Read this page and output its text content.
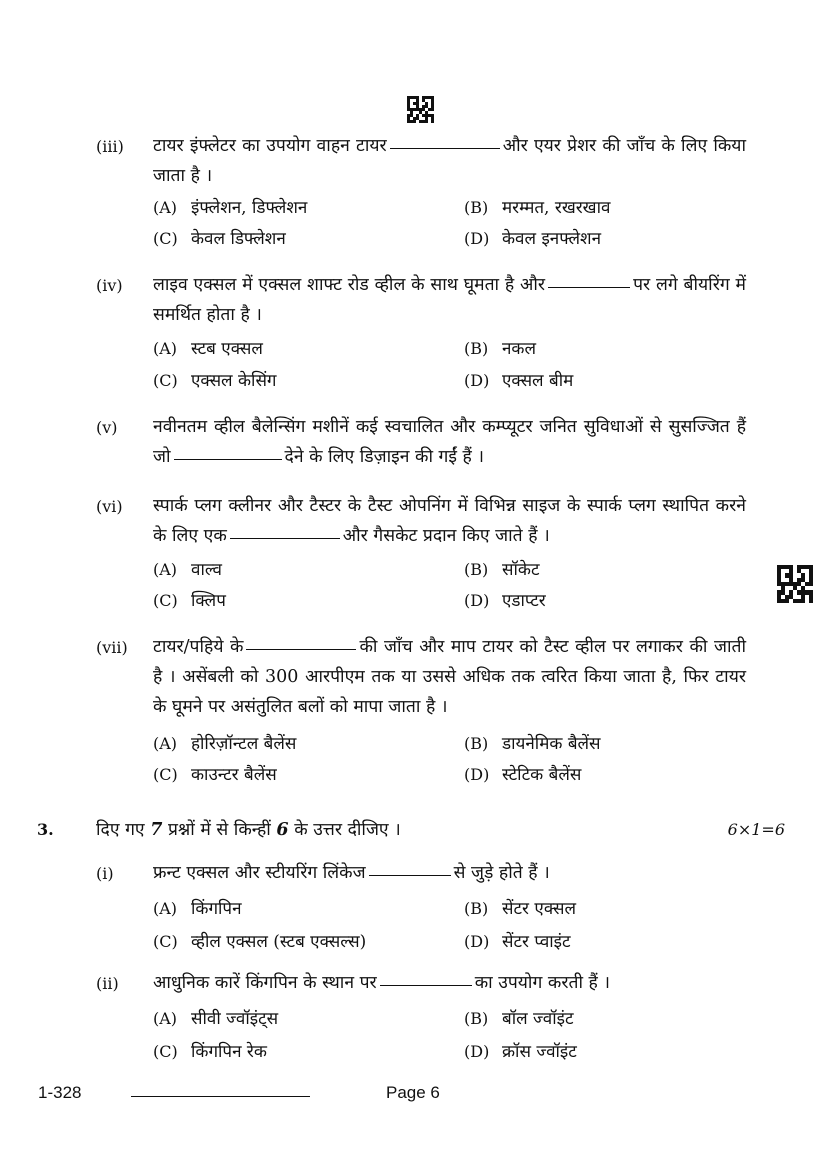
(iii) टायर इंफ्लेटर का उपयोग वाहन टायर	और एयर प्रेशर की जाँच के लिए किया जाता है ।
(A) इंफ्लेशन, डिफ्लेशन	(B) मरम्मत, रखरखाव
(C) केवल डिफ्लेशन	(D) केवल इनफ्लेशन
(iv) लाइव एक्सल में एक्सल शाफ्ट रोड व्हील के साथ घूमता है और	पर लगे बीयरिंग में समर्थित होता है ।
(A) स्टब एक्सल	(B) नकल
(C) एक्सल केसिंग	(D) एक्सल बीम
(v) नवीनतम व्हील बैलेन्सिंग मशीनें कई स्वचालित और कम्प्यूटर जनित सुविधाओं से सुसज्जित हैं जो	देने के लिए डिज़ाइन की गईं हैं ।
(vi) स्पार्क प्लग क्लीनर और टैस्टर के टैस्ट ओपनिंग में विभिन्न साइज के स्पार्क प्लग स्थापित करने के लिए एक	और गैसकेट प्रदान किए जाते हैं ।
(A) वाल्व	(B) सॉकेट
(C) क्लिप	(D) एडाप्टर
(vii) टायर/पहिये के	की जाँच और माप टायर को टैस्ट व्हील पर लगाकर की जाती है । असेंबली को 300 आरपीएम तक या उससे अधिक तक त्वरित किया जाता है, फिर टायर के घूमने पर असंतुलित बलों को मापा जाता है ।
(A) होरिज़ॉन्टल बैलेंस	(B) डायनेमिक बैलेंस
(C) काउन्टर बैलेंस	(D) स्टेटिक बैलेंस
3. दिए गए 7 प्रश्नों में से किन्हीं 6 के उत्तर दीजिए ।	6×1=6
(i) फ्रन्ट एक्सल और स्टीयरिंग लिंकेज	से जुड़े होते हैं ।
(A) किंगपिन	(B) सेंटर एक्सल
(C) व्हील एक्सल (स्टब एक्सल्स)	(D) सेंटर प्वाइंट
(ii) आधुनिक कारें किंगपिन के स्थान पर	का उपयोग करती हैं ।
(A) सीवी ज्वॉइंट्स	(B) बॉल ज्वॉइंट
(C) किंगपिन रेक	(D) क्रॉस ज्वॉइंट
1-328	Page 6
